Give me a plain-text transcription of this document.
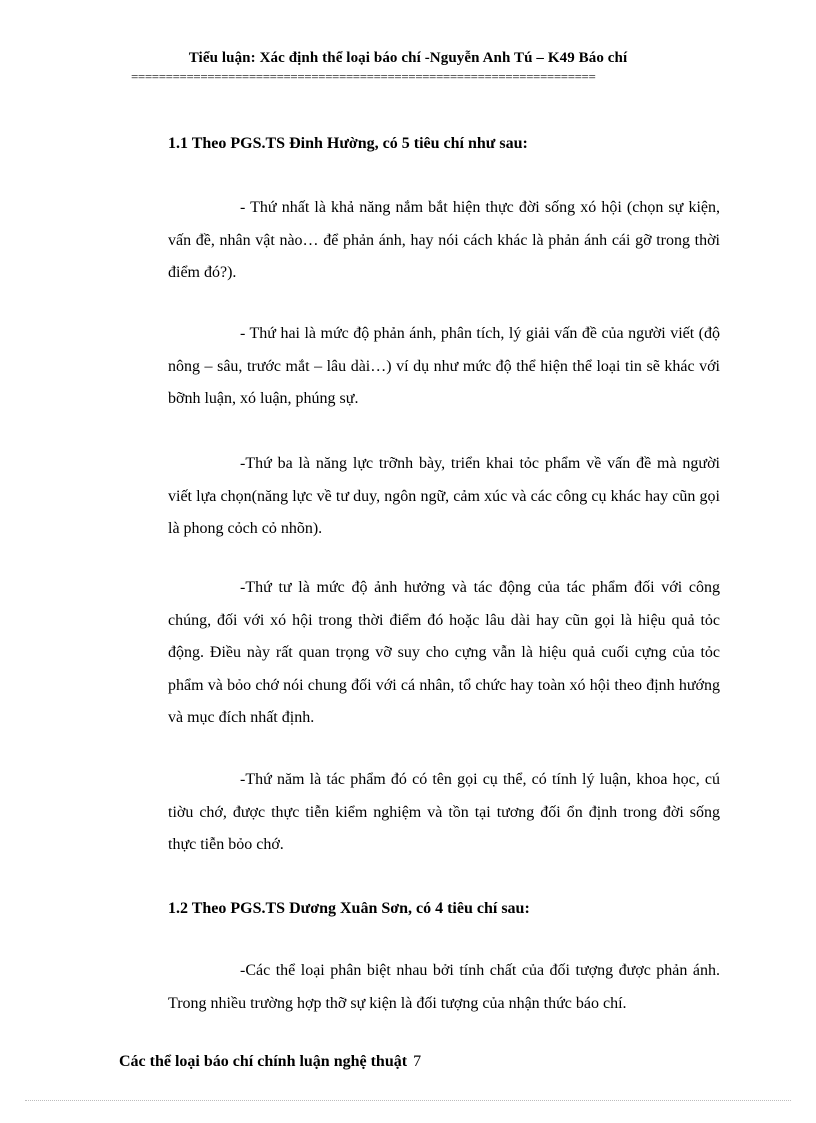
Tiểu luận: Xác định thể loại báo chí -Nguyễn Anh Tú – K49 Báo chí
===================================================================
1.1 Theo PGS.TS Đinh Hường, có 5 tiêu chí như sau:

- Thứ nhất là khả năng nắm bắt hiện thực đời sống xó hội (chọn sự kiện, vấn đề, nhân vật nào… để phản ánh, hay nói cách khác là phản ánh cái gỡ trong thời điểm đó?).

- Thứ hai là mức độ phản ánh, phân tích, lý giải vấn đề của người viết (độ nông – sâu, trước mắt – lâu dài…) ví dụ như mức độ thể hiện thể loại tin sẽ khác với bỡnh luận, xó luận, phúng sự.

-Thứ ba là năng lực trỡnh bày, triển khai tỏc phẩm về vấn đề mà người viết lựa chọn(năng lực về tư duy, ngôn ngữ, cảm xúc và các công cụ khác hay cũn gọi là phong cỏch cỏ nhõn).

-Thứ tư là mức độ ảnh hưởng và tác động của tác phẩm đối với công chúng, đối với xó hội trong thời điểm đó hoặc lâu dài hay cũn gọi là hiệu quả tỏc động. Điều này rất quan trọng vỡ suy cho cựng vẫn là hiệu quả cuối cựng của tỏc phẩm và bỏo chớ nói chung đối với cá nhân, tổ chức hay toàn xó hội theo định hướng và mục đích nhất định.

-Thứ năm là tác phẩm đó có tên gọi cụ thể, có tính lý luận, khoa học, cú tiờu chớ, được thực tiễn kiểm nghiệm và tồn tại tương đối ổn định trong đời sống thực tiễn bỏo chớ.

1.2 Theo PGS.TS Dương Xuân Sơn, có 4 tiêu chí sau:

-Các thể loại phân biệt nhau bởi tính chất của đối tượng được phản ánh. Trong nhiều trường hợp thỡ sự kiện là đối tượng của nhận thức báo chí.

Các thể loại báo chí chính luận nghệ thuật 7
